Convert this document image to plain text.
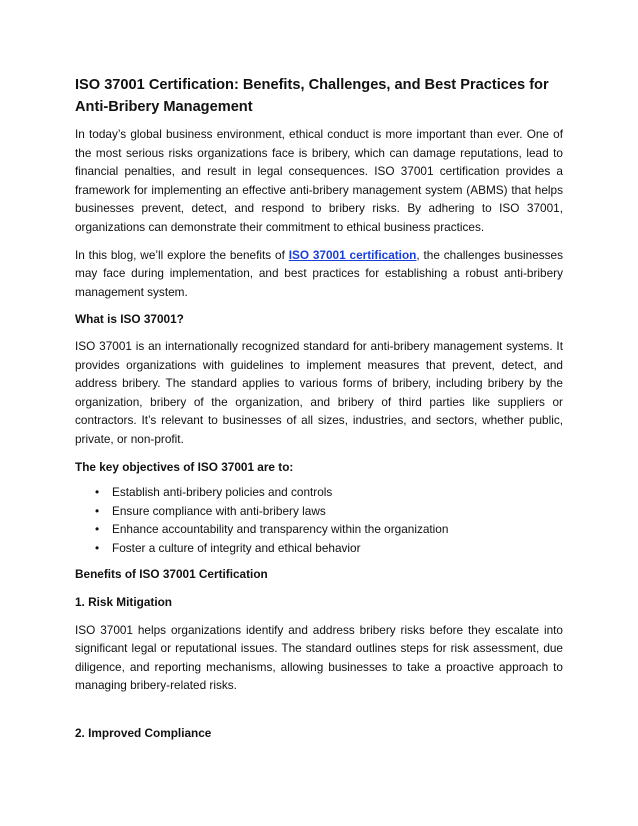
ISO 37001 Certification: Benefits, Challenges, and Best Practices for Anti-Bribery Management

In today’s global business environment, ethical conduct is more important than ever. One of the most serious risks organizations face is bribery, which can damage reputations, lead to financial penalties, and result in legal consequences. ISO 37001 certification provides a framework for implementing an effective anti-bribery management system (ABMS) that helps businesses prevent, detect, and respond to bribery risks. By adhering to ISO 37001, organizations can demonstrate their commitment to ethical business practices.

In this blog, we’ll explore the benefits of ISO 37001 certification, the challenges businesses may face during implementation, and best practices for establishing a robust anti-bribery management system.

What is ISO 37001?

ISO 37001 is an internationally recognized standard for anti-bribery management systems. It provides organizations with guidelines to implement measures that prevent, detect, and address bribery. The standard applies to various forms of bribery, including bribery by the organization, bribery of the organization, and bribery of third parties like suppliers or contractors. It’s relevant to businesses of all sizes, industries, and sectors, whether public, private, or non-profit.

The key objectives of ISO 37001 are to:

• Establish anti-bribery policies and controls
• Ensure compliance with anti-bribery laws
• Enhance accountability and transparency within the organization
• Foster a culture of integrity and ethical behavior

Benefits of ISO 37001 Certification

1. Risk Mitigation

ISO 37001 helps organizations identify and address bribery risks before they escalate into significant legal or reputational issues. The standard outlines steps for risk assessment, due diligence, and reporting mechanisms, allowing businesses to take a proactive approach to managing bribery-related risks.

2. Improved Compliance
